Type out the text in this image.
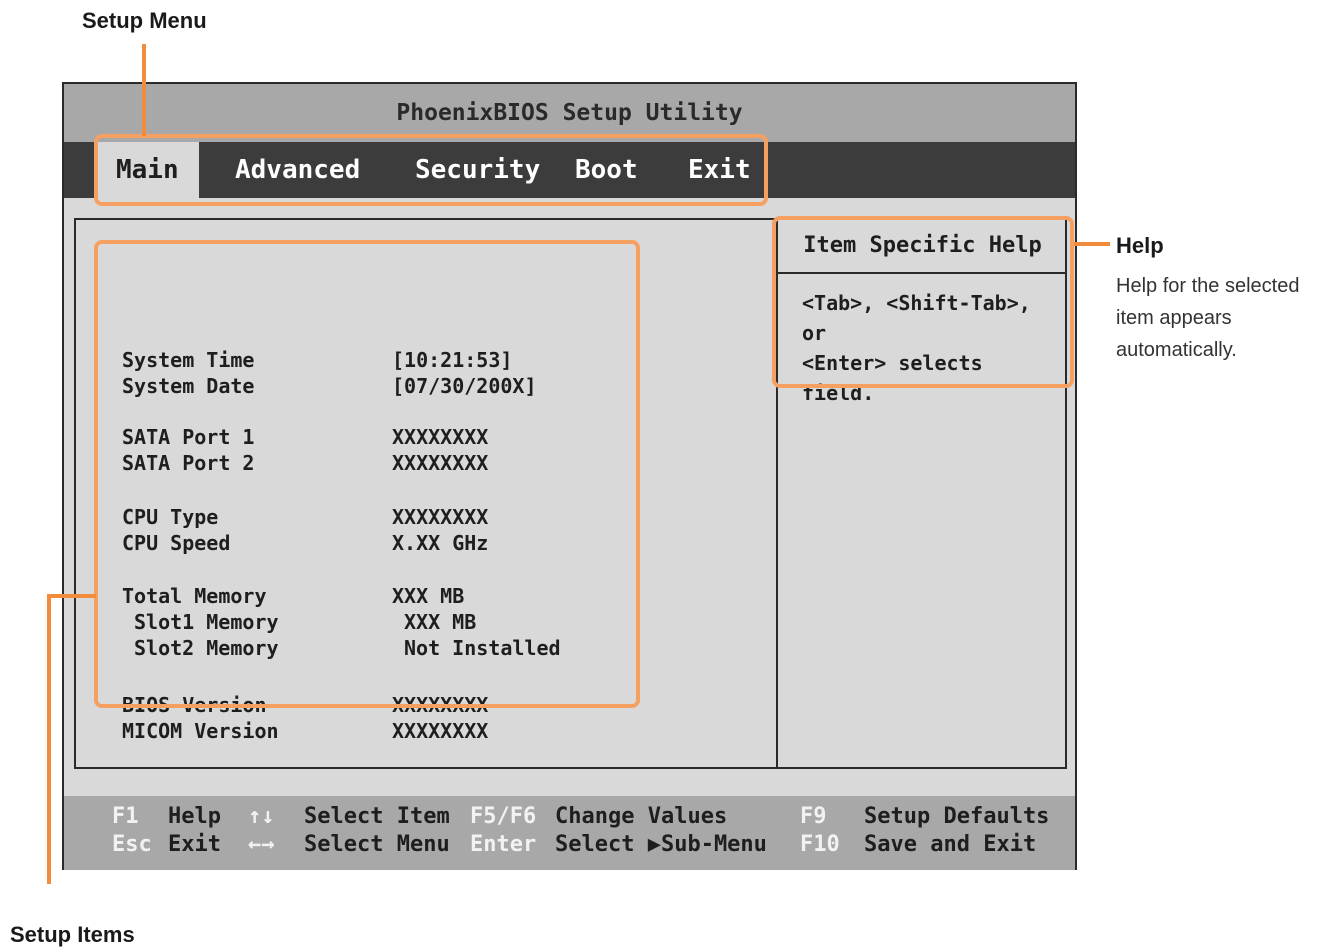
Setup Menu
Help
Help for the selected
item appears
automatically.
Setup Items
PhoenixBIOS Setup Utility
Main	Advanced Security Boot Exit
System Time	[10:21:53]
System Date	[07/30/200X]
SATA Port 1	XXXXXXXX
SATA Port 2	XXXXXXXX
CPU Type	XXXXXXXX
CPU Speed	X.XX GHz
Total Memory	XXX MB
Slot1 Memory	XXX MB
Slot2 Memory	Not Installed
BIOS Version	XXXXXXXX
MICOM Version	XXXXXXXX
Item Specific Help
<Tab>, <Shift-Tab>, or
<Enter> selects field.
F1 Help
Esc Exit
↑↓ Select Item
←→ Select Menu
F5/F6 Change Values
Enter Select ▶Sub-Menu
F9 Setup Defaults
F10 Save and Exit
